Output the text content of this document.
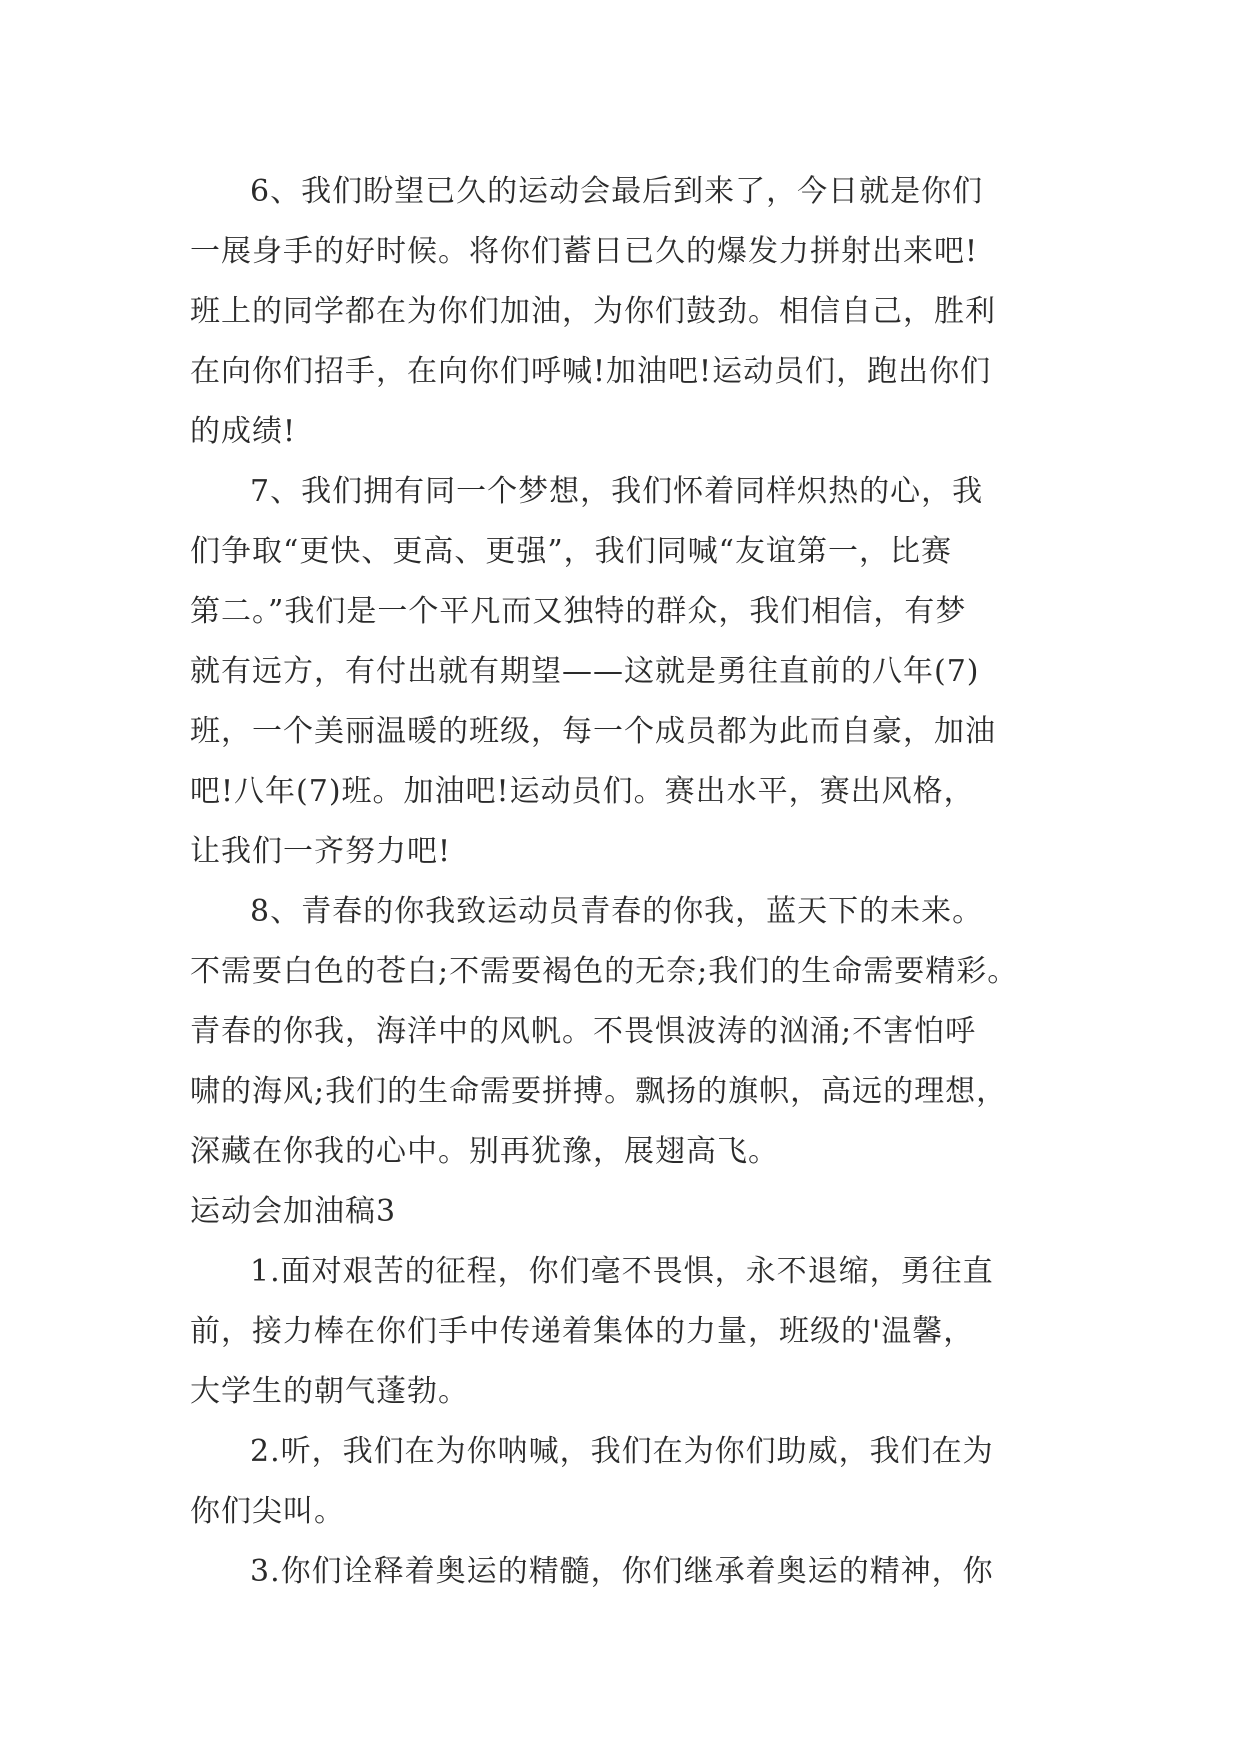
6、我们盼望已久的运动会最后到来了，今日就是你们
一展身手的好时候。将你们蓄日已久的爆发力拼射出来吧!
班上的同学都在为你们加油，为你们鼓劲。相信自己，胜利
在向你们招手，在向你们呼喊!加油吧!运动员们，跑出你们
的成绩!
7、我们拥有同一个梦想，我们怀着同样炽热的心，我
们争取“更快、更高、更强”，我们同喊“友谊第一，比赛
第二。”我们是一个平凡而又独特的群众，我们相信，有梦
就有远方，有付出就有期望——这就是勇往直前的八年(7)
班，一个美丽温暖的班级，每一个成员都为此而自豪，加油
吧!八年(7)班。加油吧!运动员们。赛出水平，赛出风格，
让我们一齐努力吧!
8、青春的你我致运动员青春的你我，蓝天下的未来。
不需要白色的苍白;不需要褐色的无奈;我们的生命需要精彩。
青春的你我，海洋中的风帆。不畏惧波涛的汹涌;不害怕呼
啸的海风;我们的生命需要拼搏。飘扬的旗帜，高远的理想，
深藏在你我的心中。别再犹豫，展翅高飞。
运动会加油稿3
1.面对艰苦的征程，你们毫不畏惧，永不退缩，勇往直
前，接力棒在你们手中传递着集体的力量，班级的'温馨，
大学生的朝气蓬勃。
2.听，我们在为你呐喊，我们在为你们助威，我们在为
你们尖叫。
3.你们诠释着奥运的精髓，你们继承着奥运的精神，你
